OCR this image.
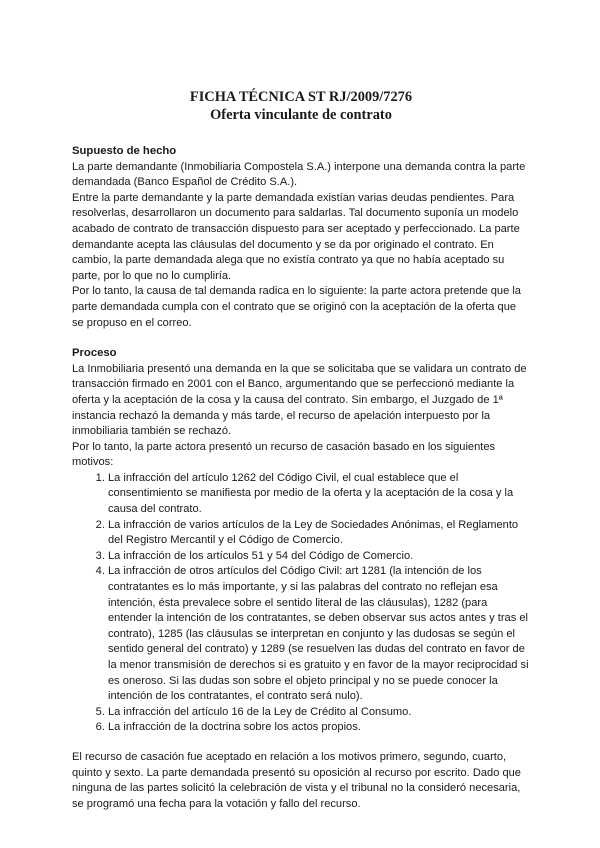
FICHA TÉCNICA ST RJ/2009/7276
Oferta vinculante de contrato
Supuesto de hecho

La parte demandante (Inmobiliaria Compostela S.A.) interpone una demanda contra la parte demandada (Banco Español de Crédito S.A.).

Entre la parte demandante y la parte demandada existían varias deudas pendientes. Para resolverlas, desarrollaron un documento para saldarlas. Tal documento suponía un modelo acabado de contrato de transacción dispuesto para ser aceptado y perfeccionado. La parte demandante acepta las cláusulas del documento y se da por originado el contrato. En cambio, la parte demandada alega que no existía contrato ya que no había aceptado su parte, por lo que no lo cumpliría.

Por lo tanto, la causa de tal demanda radica en lo siguiente: la parte actora pretende que la parte demandada cumpla con el contrato que se originó con la aceptación de la oferta que se propuso en el correo.

Proceso

La Inmobiliaria presentó una demanda en la que se solicitaba que se validara un contrato de transacción firmado en 2001 con el Banco, argumentando que se perfeccionó mediante la oferta y la aceptación de la cosa y la causa del contrato. Sin embargo, el Juzgado de 1ª instancia rechazó la demanda y más tarde, el recurso de apelación interpuesto por la inmobiliaria también se rechazó.

Por lo tanto, la parte actora presentó un recurso de casación basado en los siguientes motivos:

1. La infracción del artículo 1262 del Código Civil, el cual establece que el consentimiento se manifiesta por medio de la oferta y la aceptación de la cosa y la causa del contrato.
2. La infracción de varios artículos de la Ley de Sociedades Anónimas, el Reglamento del Registro Mercantil y el Código de Comercio.
3. La infracción de los artículos 51 y 54 del Código de Comercio.
4. La infracción de otros artículos del Código Civil: art 1281 (la intención de los contratantes es lo más importante, y si las palabras del contrato no reflejan esa intención, ésta prevalece sobre el sentido literal de las cláusulas), 1282 (para entender la intención de los contratantes, se deben observar sus actos antes y tras el contrato), 1285 (las cláusulas se interpretan en conjunto y las dudosas se según el sentido general del contrato) y 1289 (se resuelven las dudas del contrato en favor de la menor transmisión de derechos si es gratuito y en favor de la mayor reciprocidad si es oneroso. Si las dudas son sobre el objeto principal y no se puede conocer la intención de los contratantes, el contrato será nulo).
5. La infracción del artículo 16 de la Ley de Crédito al Consumo.
6. La infracción de la doctrina sobre los actos propios.

El recurso de casación fue aceptado en relación a los motivos primero, segundo, cuarto, quinto y sexto. La parte demandada presentó su oposición al recurso por escrito. Dado que ninguna de las partes solicitó la celebración de vista y el tribunal no la consideró necesaria, se programó una fecha para la votación y fallo del recurso.
